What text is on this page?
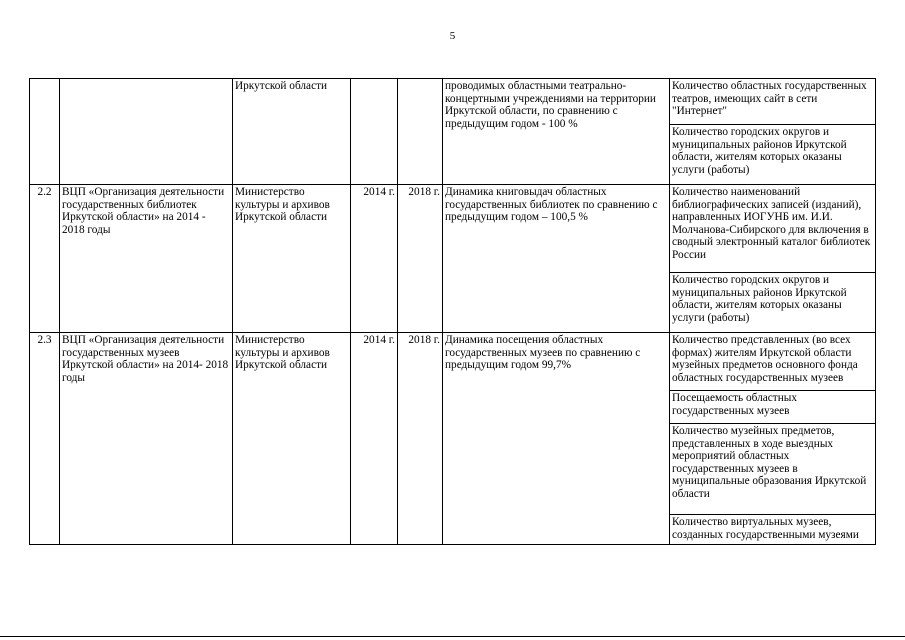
5
		Иркутской области			проводимых областными театрально-концертными учреждениями на территории Иркутской области, по сравнению с предыдущим годом - 100 %	Количество областных государственных театров, имеющих сайт в сети "Интернет"
						Количество городских округов и муниципальных районов Иркутской области, жителям которых оказаны услуги (работы)
2.2	ВЦП «Организация деятельности государственных библиотек Иркутской области» на 2014 - 2018 годы	Министерство культуры и архивов Иркутской области	2014 г.	2018 г.	Динамика книговыдач областных государственных библиотек по сравнению с предыдущим годом – 100,5 %	Количество наименований библиографических записей (изданий), направленных ИОГУНБ им. И.И. Молчанова-Сибирского для включения в сводный электронный каталог библиотек России
						Количество городских округов и муниципальных районов Иркутской области, жителям которых оказаны услуги (работы)
2.3	ВЦП «Организация деятельности государственных музеев Иркутской области» на 2014- 2018 годы	Министерство культуры и архивов Иркутской области	2014 г.	2018 г.	Динамика посещения областных государственных музеев по сравнению с предыдущим годом 99,7%	Количество представленных (во всех формах) жителям Иркутской области музейных предметов основного фонда областных государственных музеев
						Посещаемость областных государственных музеев
						Количество музейных предметов, представленных в ходе выездных мероприятий областных государственных музеев в муниципальные образования Иркутской области
						Количество виртуальных музеев, созданных государственными музеями
